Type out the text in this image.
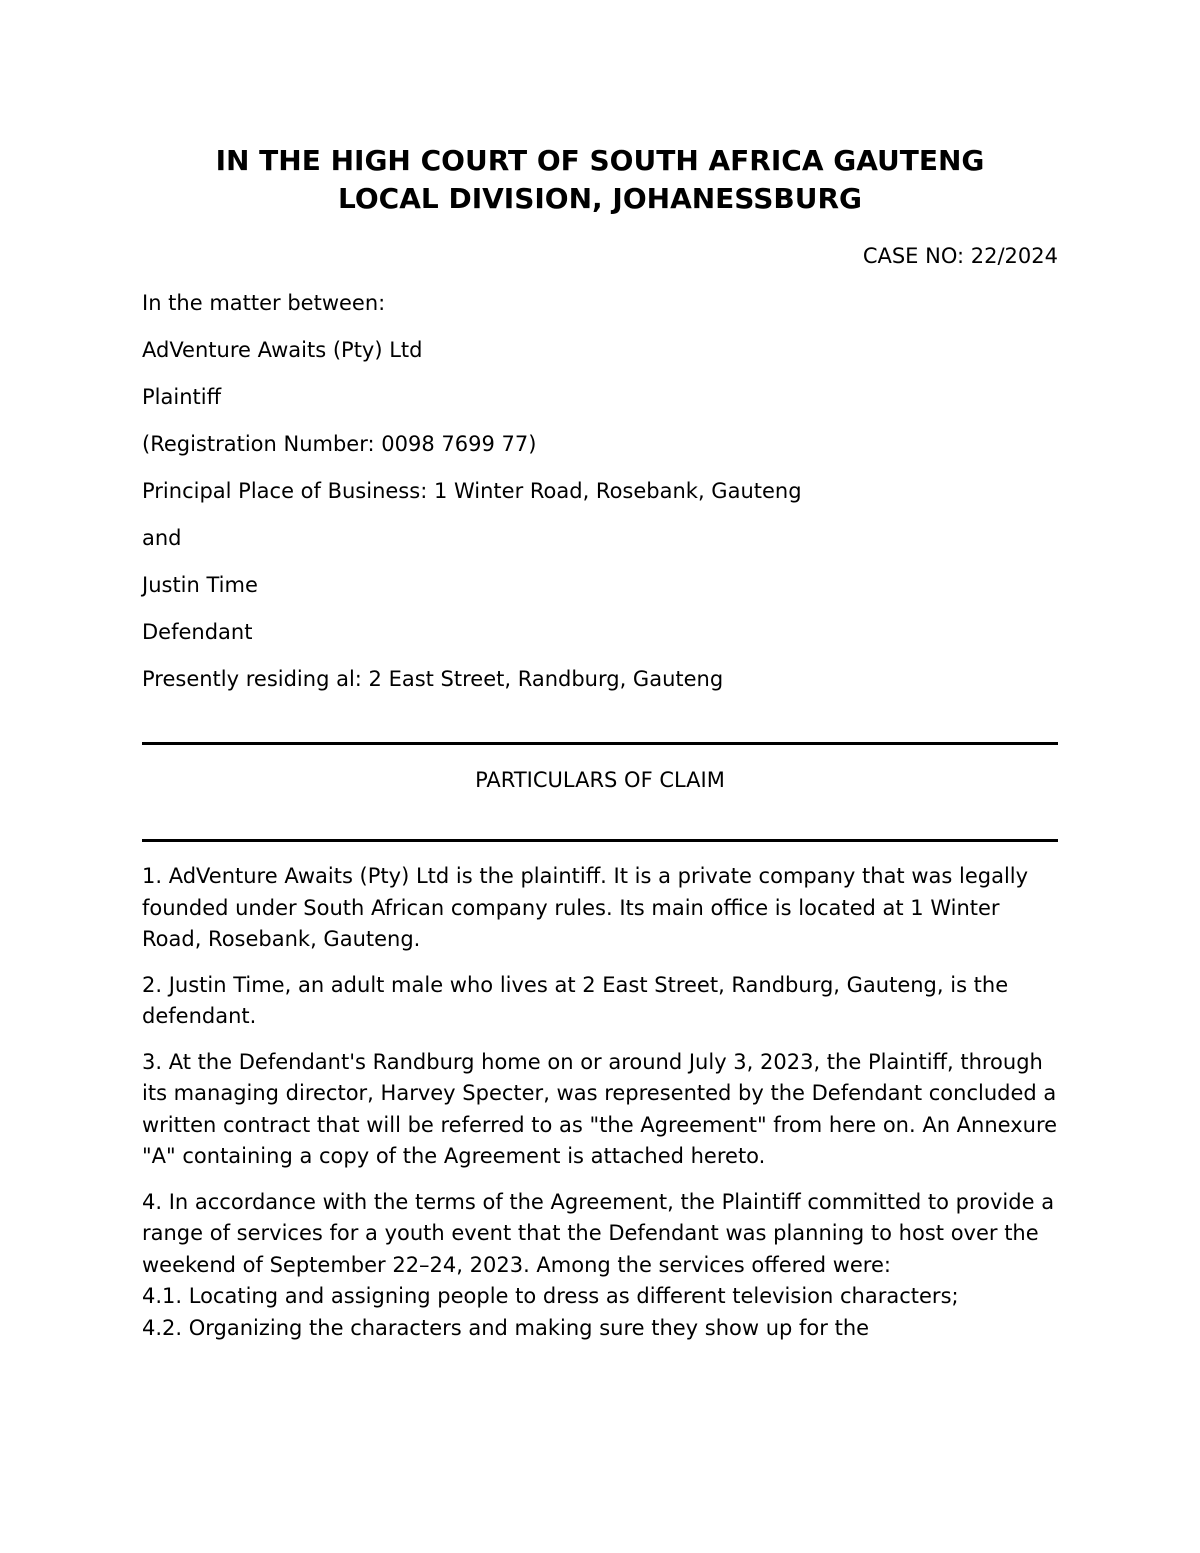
IN THE HIGH COURT OF SOUTH AFRICA GAUTENG
LOCAL DIVISION, JOHANESSBURG
CASE NO: 22/2024
In the matter between:
AdVenture Awaits (Pty) Ltd
Plaintiff
(Registration Number: 0098 7699 77)
Principal Place of Business: 1 Winter Road, Rosebank, Gauteng
and
Justin Time
Defendant
Presently residing al: 2 East Street, Randburg, Gauteng
PARTICULARS OF CLAIM

1. AdVenture Awaits (Pty) Ltd is the plaintiff. It is a private company that was legally founded under South African company rules. Its main office is located at 1 Winter Road, Rosebank, Gauteng.

2. Justin Time, an adult male who lives at 2 East Street, Randburg, Gauteng, is the defendant.

3. At the Defendant's Randburg home on or around July 3, 2023, the Plaintiff, through its managing director, Harvey Specter, was represented by the Defendant concluded a written contract that will be referred to as "the Agreement" from here on. An Annexure "A" containing a copy of the Agreement is attached hereto.

4. In accordance with the terms of the Agreement, the Plaintiff committed to provide a range of services for a youth event that the Defendant was planning to host over the weekend of September 22–24, 2023. Among the services offered were:

4.1. Locating and assigning people to dress as different television characters;

4.2. Organizing the characters and making sure they show up for the
